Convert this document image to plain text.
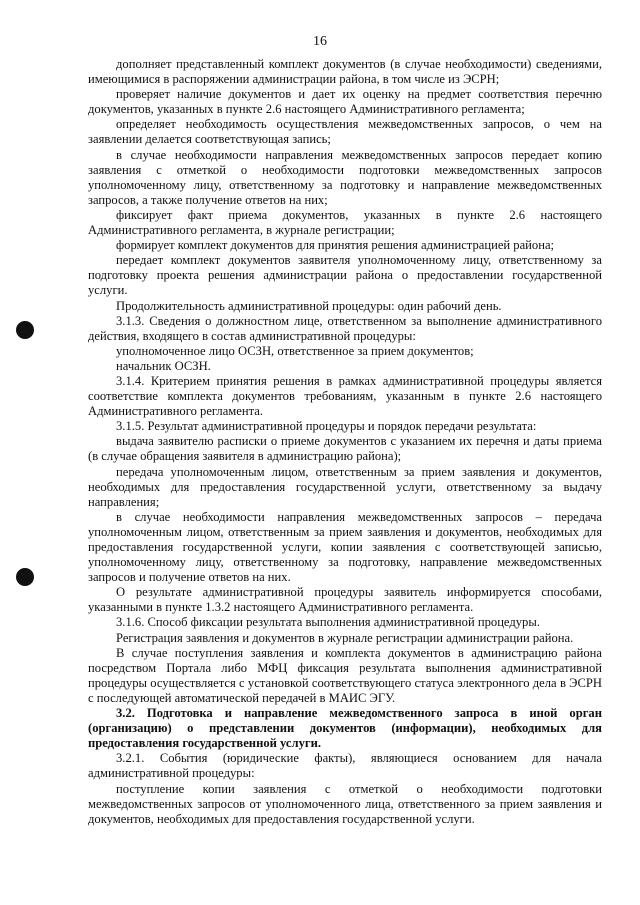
16

дополняет представленный комплект документов (в случае необходимости) сведениями, имеющимися в распоряжении администрации района, в том числе из ЭСРН;

проверяет наличие документов и дает их оценку на предмет соответствия перечню документов, указанных в пункте 2.6 настоящего Административного регламента;

определяет необходимость осуществления межведомственных запросов, о чем на заявлении делается соответствующая запись;

в случае необходимости направления межведомственных запросов передает копию заявления с отметкой о необходимости подготовки межведомственных запросов уполномоченному лицу, ответственному за подготовку и направление межведомственных запросов, а также получение ответов на них;

фиксирует факт приема документов, указанных в пункте 2.6 настоящего Административного регламента, в журнале регистрации;

формирует комплект документов для принятия решения администрацией района;

передает комплект документов заявителя уполномоченному лицу, ответственному за подготовку проекта решения администрации района о предоставлении государственной услуги.

Продолжительность административной процедуры: один рабочий день.

3.1.3. Сведения о должностном лице, ответственном за выполнение административного действия, входящего в состав административной процедуры:

уполномоченное лицо ОСЗН, ответственное за прием документов;

начальник ОСЗН.

3.1.4. Критерием принятия решения в рамках административной процедуры является соответствие комплекта документов требованиям, указанным в пункте 2.6 настоящего Административного регламента.

3.1.5. Результат административной процедуры и порядок передачи результата:

выдача заявителю расписки о приеме документов с указанием их перечня и даты приема (в случае обращения заявителя в администрацию района);

передача уполномоченным лицом, ответственным за прием заявления и документов, необходимых для предоставления государственной услуги, ответственному за выдачу направления;

в случае необходимости направления межведомственных запросов – передача уполномоченным лицом, ответственным за прием заявления и документов, необходимых для предоставления государственной услуги, копии заявления с соответствующей записью, уполномоченному лицу, ответственному за подготовку, направление межведомственных запросов и получение ответов на них.

О результате административной процедуры заявитель информируется способами, указанными в пункте 1.3.2 настоящего Административного регламента.

3.1.6. Способ фиксации результата выполнения административной процедуры.

Регистрация заявления и документов в журнале регистрации администрации района.

В случае поступления заявления и комплекта документов в администрацию района посредством Портала либо МФЦ фиксация результата выполнения административной процедуры осуществляется с установкой соответствующего статуса электронного дела в ЭСРН с последующей автоматической передачей в МАИС ЭГУ.

3.2. Подготовка и направление межведомственного запроса в иной орган (организацию) о представлении документов (информации), необходимых для предоставления государственной услуги.

3.2.1. События (юридические факты), являющиеся основанием для начала административной процедуры:

поступление копии заявления с отметкой о необходимости подготовки межведомственных запросов от уполномоченного лица, ответственного за прием заявления и документов, необходимых для предоставления государственной услуги.
